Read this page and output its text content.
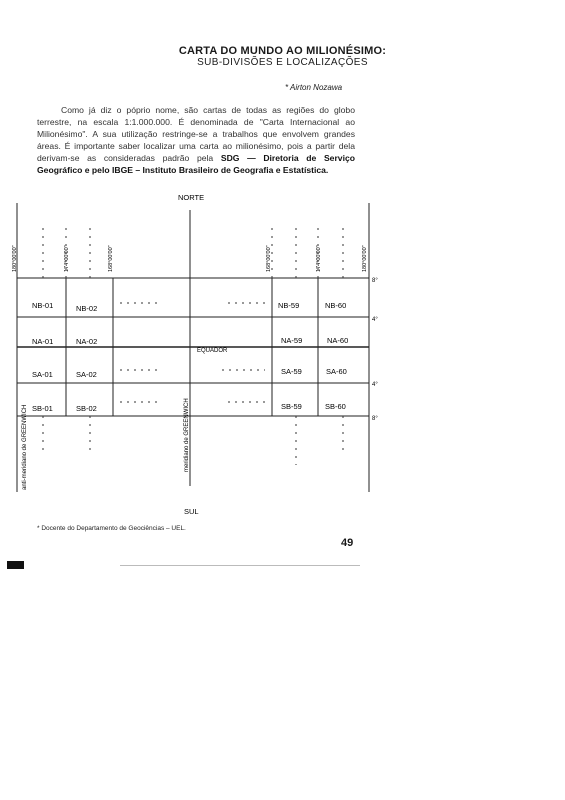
CARTA DO MUNDO AO MILIONÉSIMO:
SUB-DIVISÕES E LOCALIZAÇÕES
* Airton Nozawa

Como já diz o póprio nome, são cartas de todas as regiões do globo terrestre, na escala 1:1.000.000. É denominada de "Carta Internacional ao Milionésimo". A sua utilização restringe-se a trabalhos que envolvem grandes áreas. É importante saber localizar uma carta ao milionésimo, pois a partir dela derivam-se as consideradas padrão pela SDG — Diretoria de Serviço Geográfico e pelo IBGE – Instituto Brasileiro de Geografia e Estatística.

NORTE
SUL
EQUADOR
meridiano de GREENWICH
anti-meridiano de GREENWICH
180°00'00"	174°00'00"	168°00'00"	168°00'00"	174°00'00"	180°00'00"
8°
4°
4°
8°
NB-01	NB-02
NA-01	NA-02
SA-01	SA-02
SB-01	SB-02
NB-59	NB-60
NA-59	NA-60
SA-59	SA-60
SB-59	SB-60
* Docente do Departamento de Geociências – UEL.
49
